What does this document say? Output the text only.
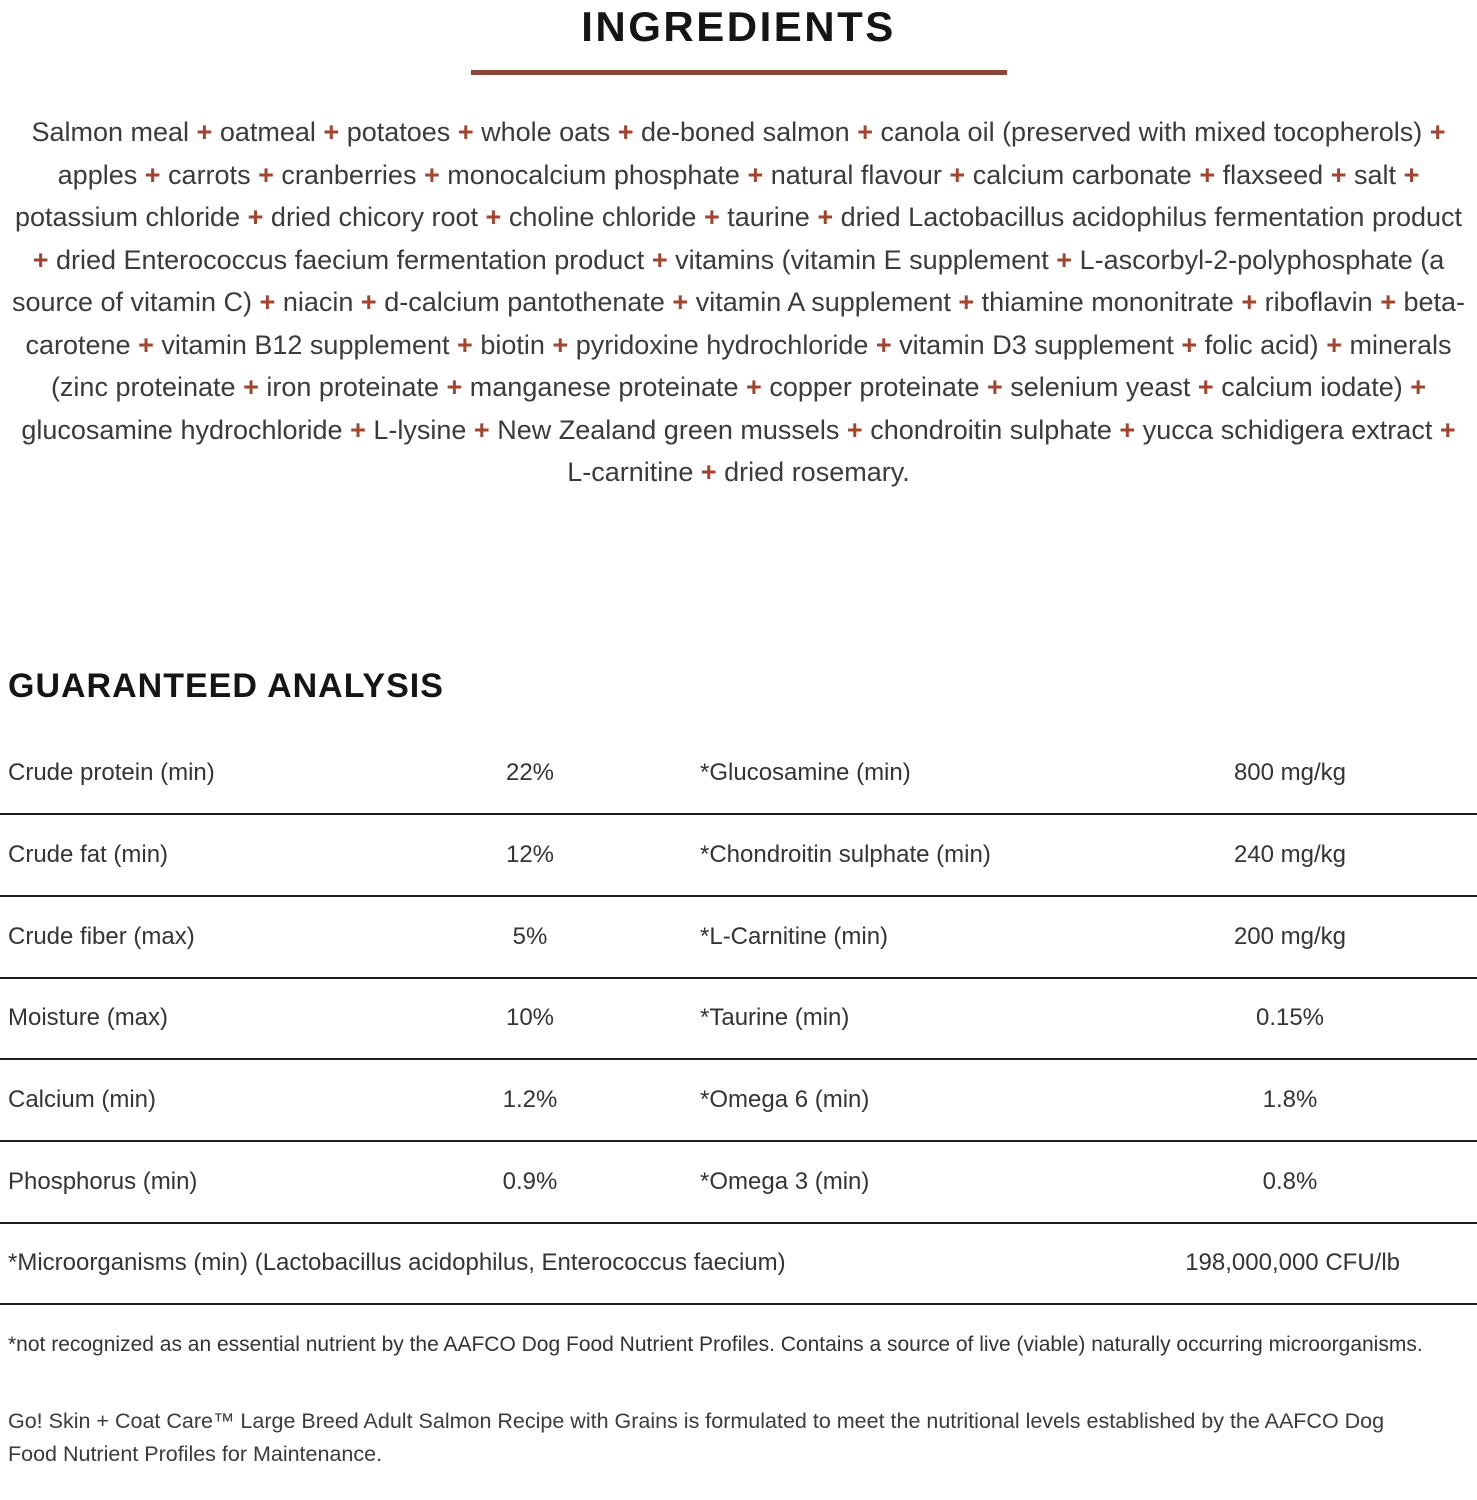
INGREDIENTS

Salmon meal + oatmeal + potatoes + whole oats + de-boned salmon + canola oil (preserved with mixed tocopherols) + apples + carrots + cranberries + monocalcium phosphate + natural flavour + calcium carbonate + flaxseed + salt + potassium chloride + dried chicory root + choline chloride + taurine + dried Lactobacillus acidophilus fermentation product + dried Enterococcus faecium fermentation product + vitamins (vitamin E supplement + L-ascorbyl-2-polyphosphate (a source of vitamin C) + niacin + d-calcium pantothenate + vitamin A supplement + thiamine mononitrate + riboflavin + beta-carotene + vitamin B12 supplement + biotin + pyridoxine hydrochloride + vitamin D3 supplement + folic acid) + minerals (zinc proteinate + iron proteinate + manganese proteinate + copper proteinate + selenium yeast + calcium iodate) + glucosamine hydrochloride + L-lysine + New Zealand green mussels + chondroitin sulphate + yucca schidigera extract + L-carnitine + dried rosemary.

GUARANTEED ANALYSIS
Crude protein (min)	22%	*Glucosamine (min)	800 mg/kg
Crude fat (min)	12%	*Chondroitin sulphate (min)	240 mg/kg
Crude fiber (max)	5%	*L-Carnitine (min)	200 mg/kg
Moisture (max)	10%	*Taurine (min)	0.15%
Calcium (min)	1.2%	*Omega 6 (min)	1.8%
Phosphorus (min)	0.9%	*Omega 3 (min)	0.8%
*Microorganisms (min) (Lactobacillus acidophilus, Enterococcus faecium)	198,000,000 CFU/lb
*not recognized as an essential nutrient by the AAFCO Dog Food Nutrient Profiles. Contains a source of live (viable) naturally occurring microorganisms.
Go! Skin + Coat Care™ Large Breed Adult Salmon Recipe with Grains is formulated to meet the nutritional levels established by the AAFCO Dog Food Nutrient Profiles for Maintenance.
